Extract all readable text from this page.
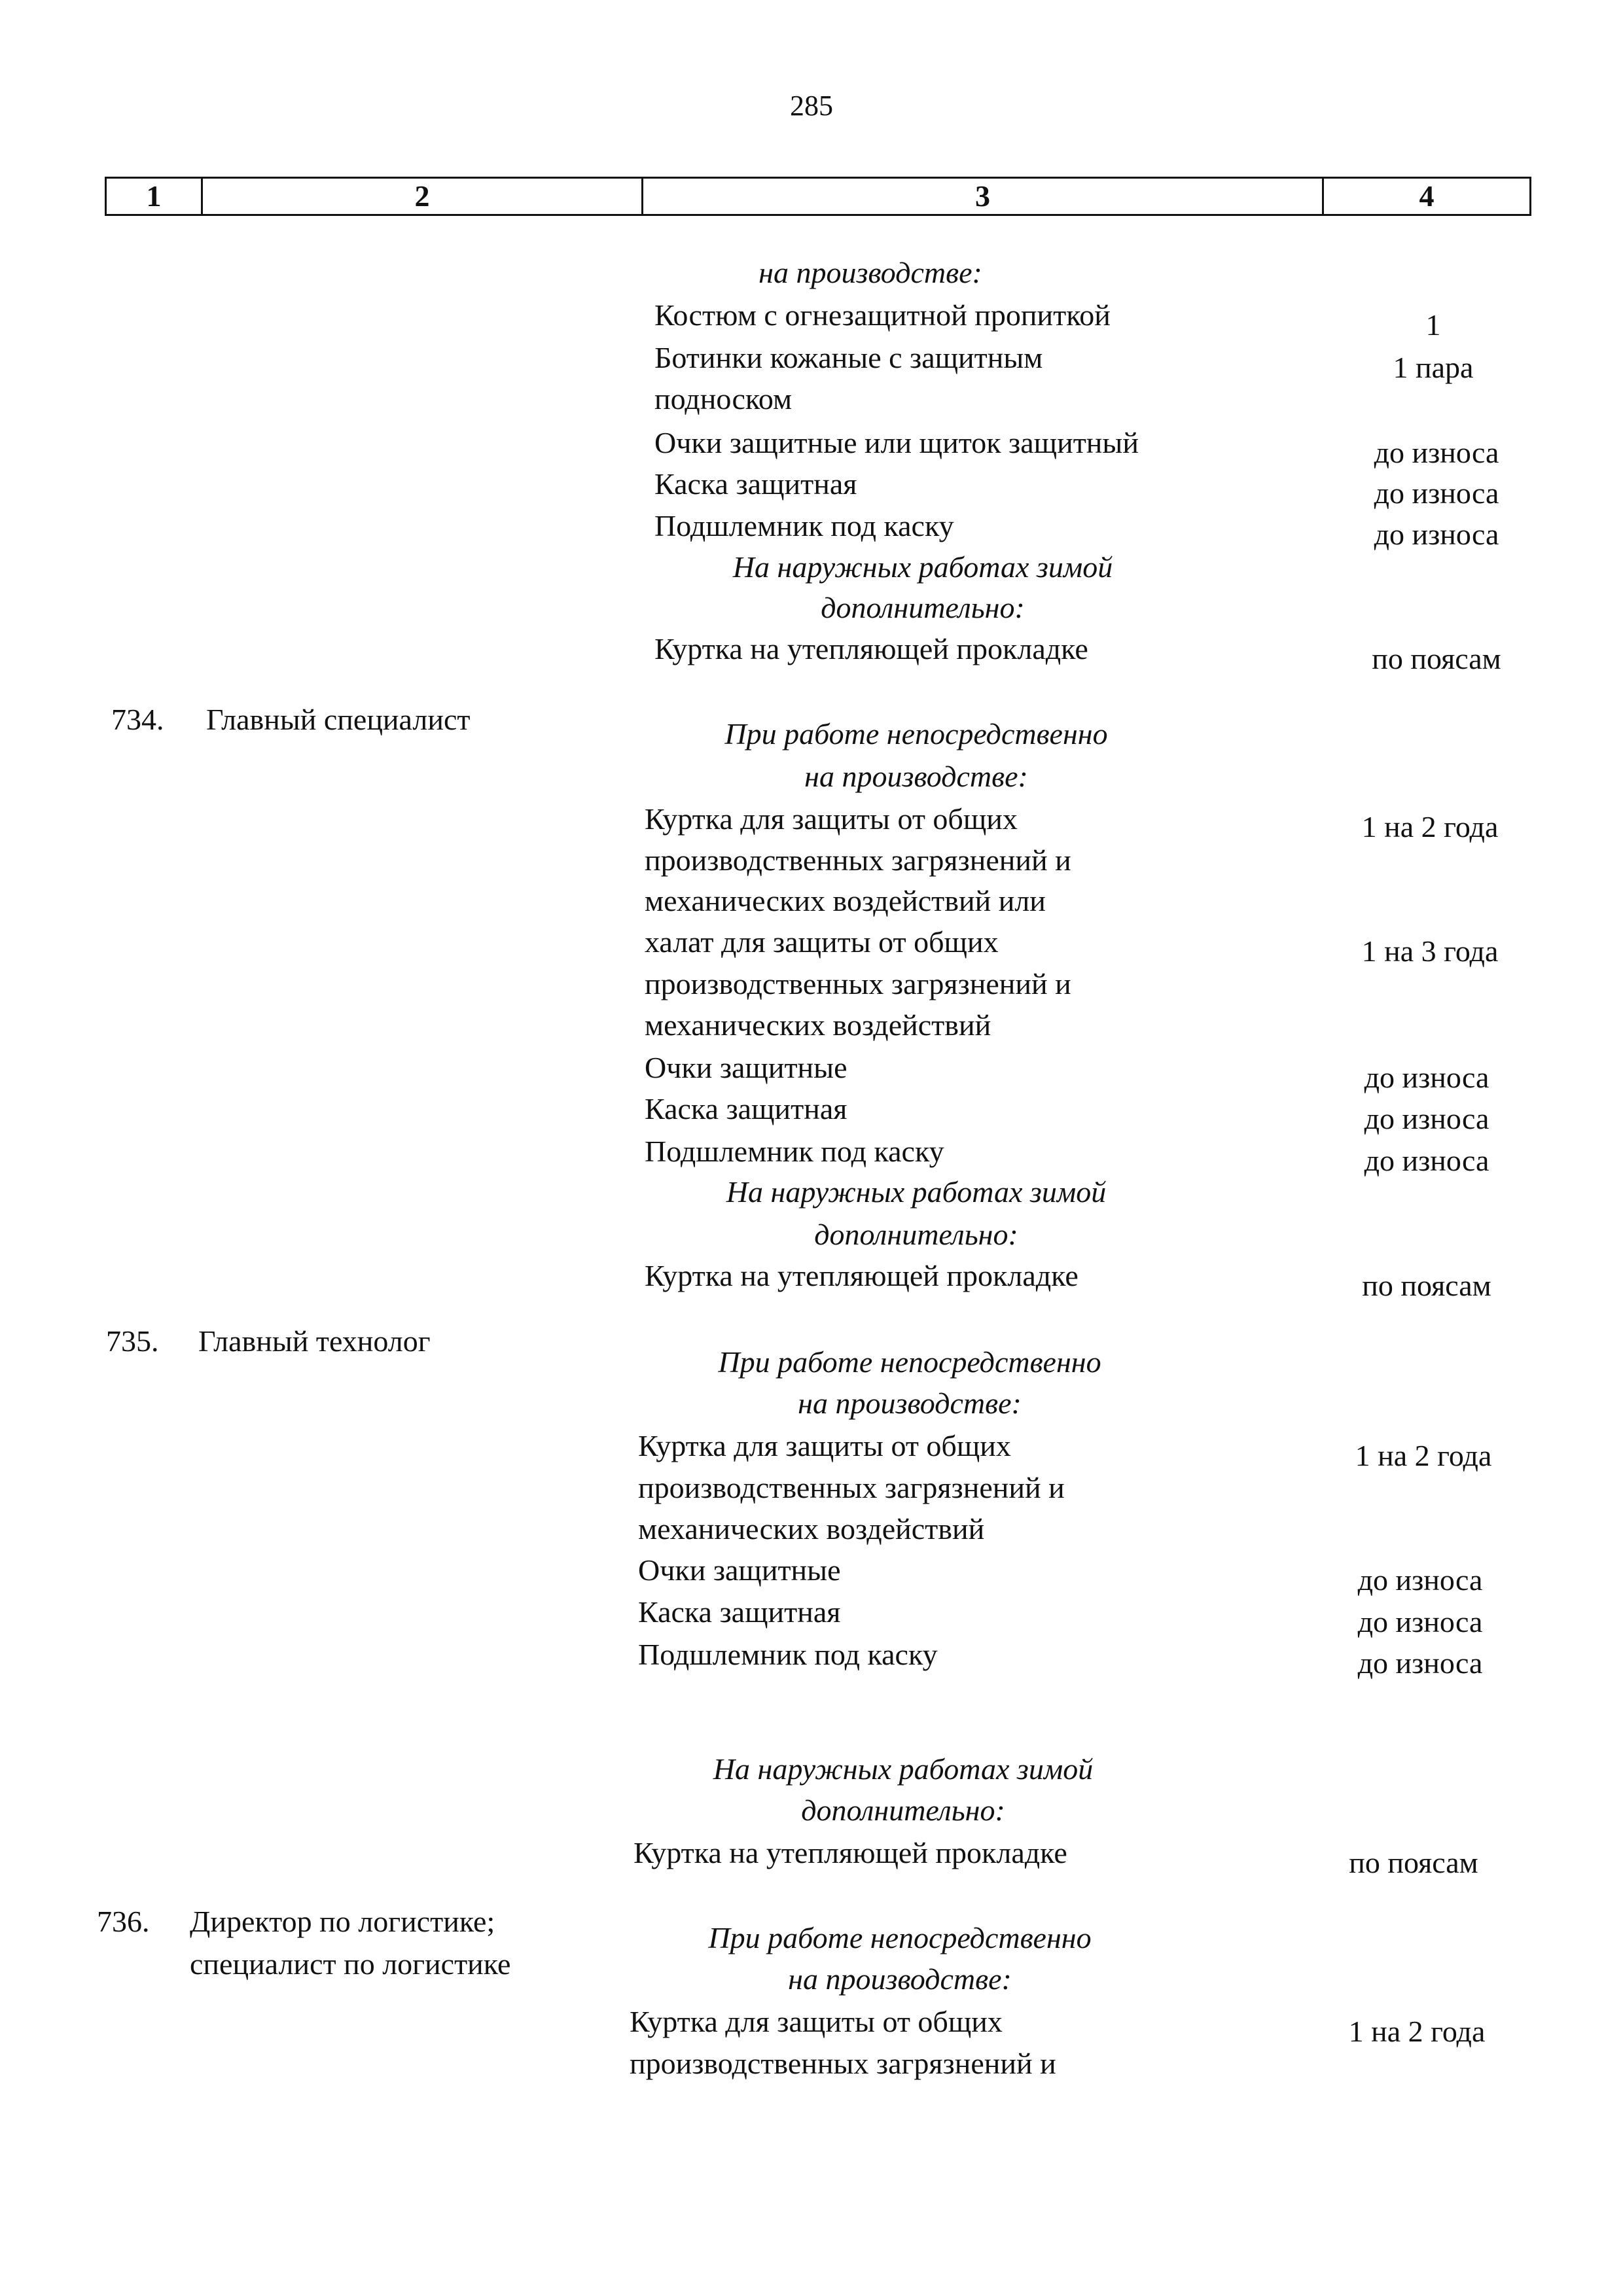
285
1	2	3	4
на производстве:
Костюм с огнезащитной пропиткой	1
Ботинки кожаные с защитным	1 пара
подноском
Очки защитные или щиток защитный	до износа
Каска защитная	до износа
Подшлемник под каску	до износа
На наружных работах зимой
дополнительно:
Куртка на утепляющей прокладке	по поясам
734. Главный специалист	При работе непосредственно
на производстве:
Куртка для защиты от общих	1 на 2 года
производственных загрязнений и
механических воздействий или
халат для защиты от общих	1 на 3 года
производственных загрязнений и
механических воздействий
Очки защитные	до износа
Каска защитная	до износа
Подшлемник под каску	до износа
На наружных работах зимой
дополнительно:
Куртка на утепляющей прокладке	по поясам
735. Главный технолог
При работе непосредственно
на производстве:
Куртка для защиты от общих	1 на 2 года
производственных загрязнений и
механических воздействий
Очки защитные	до износа
Каска защитная	до износа
Подшлемник под каску	до износа
На наружных работах зимой
дополнительно:
Куртка на утепляющей прокладке	по поясам
736. Директор по логистике;
специалист по логистике
При работе непосредственно
на производстве:
Куртка для защиты от общих	1 на 2 года
производственных загрязнений и
